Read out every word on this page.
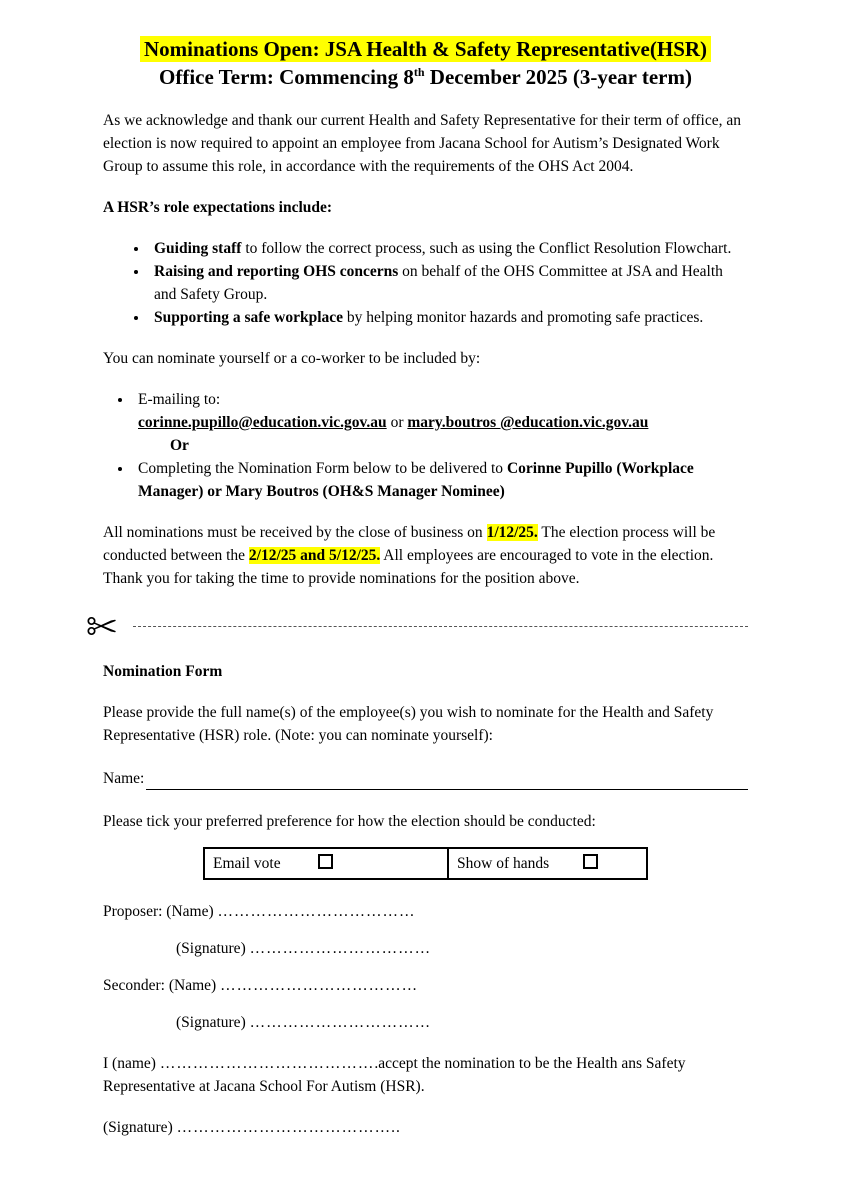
Nominations Open: JSA Health & Safety Representative(HSR)
Office Term: Commencing 8th December 2025 (3-year term)

As we acknowledge and thank our current Health and Safety Representative for their term of office, an election is now required to appoint an employee from Jacana School for Autism’s Designated Work Group to assume this role, in accordance with the requirements of the OHS Act 2004.

A HSR’s role expectations include:

• Guiding staff to follow the correct process, such as using the Conflict Resolution Flowchart.
• Raising and reporting OHS concerns on behalf of the OHS Committee at JSA and Health and Safety Group.
• Supporting a safe workplace by helping monitor hazards and promoting safe practices.

You can nominate yourself or a co-worker to be included by:

• E-mailing to:
corinne.pupillo@education.vic.gov.au or mary.boutros @education.vic.gov.au
Or
• Completing the Nomination Form below to be delivered to Corinne Pupillo (Workplace Manager) or Mary Boutros (OH&S Manager Nominee)

All nominations must be received by the close of business on 1/12/25. The election process will be conducted between the 2/12/25 and 5/12/25. All employees are encouraged to vote in the election. Thank you for taking the time to provide nominations for the position above.

Nomination Form

Please provide the full name(s) of the employee(s) you wish to nominate for the Health and Safety Representative (HSR) role. (Note: you can nominate yourself):

Name:

Please tick your preferred preference for how the election should be conducted:

Email vote	Show of hands

Proposer: (Name) ………………………………

(Signature) ……………………………

Seconder: (Name) ………………………………

(Signature) ……………………………

I (name) ………………………………….accept the nomination to be the Health ans Safety Representative at Jacana School For Autism (HSR).

(Signature) …………………………………..
